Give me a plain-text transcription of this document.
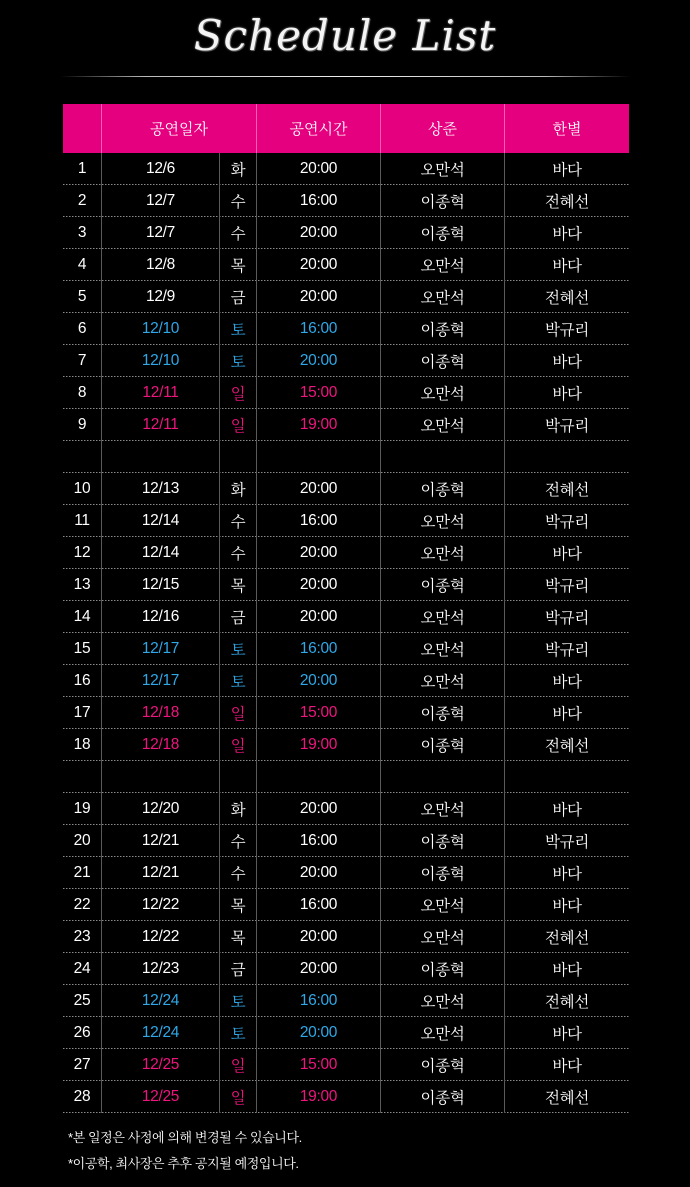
Schedule List
공연일자	공연시간	상준	한별
1	12/6	화	20:00	오만석	바다
2	12/7	수	16:00	이종혁	전혜선
3	12/7	수	20:00	이종혁	바다
4	12/8	목	20:00	오만석	바다
5	12/9	금	20:00	오만석	전혜선
6	12/10	토	16:00	이종혁	박규리
7	12/10	토	20:00	이종혁	바다
8	12/11	일	15:00	오만석	바다
9	12/11	일	19:00	오만석	박규리
10	12/13	화	20:00	이종혁	전혜선
11	12/14	수	16:00	오만석	박규리
12	12/14	수	20:00	오만석	바다
13	12/15	목	20:00	이종혁	박규리
14	12/16	금	20:00	오만석	박규리
15	12/17	토	16:00	오만석	박규리
16	12/17	토	20:00	오만석	바다
17	12/18	일	15:00	이종혁	바다
18	12/18	일	19:00	이종혁	전혜선
19	12/20	화	20:00	오만석	바다
20	12/21	수	16:00	이종혁	박규리
21	12/21	수	20:00	이종혁	바다
22	12/22	목	16:00	오만석	바다
23	12/22	목	20:00	오만석	전혜선
24	12/23	금	20:00	이종혁	바다
25	12/24	토	16:00	오만석	전혜선
26	12/24	토	20:00	오만석	바다
27	12/25	일	15:00	이종혁	바다
28	12/25	일	19:00	이종혁	전혜선
*본 일정은 사정에 의해 변경될 수 있습니다.
*이공학, 최사장은 추후 공지될 예정입니다.
